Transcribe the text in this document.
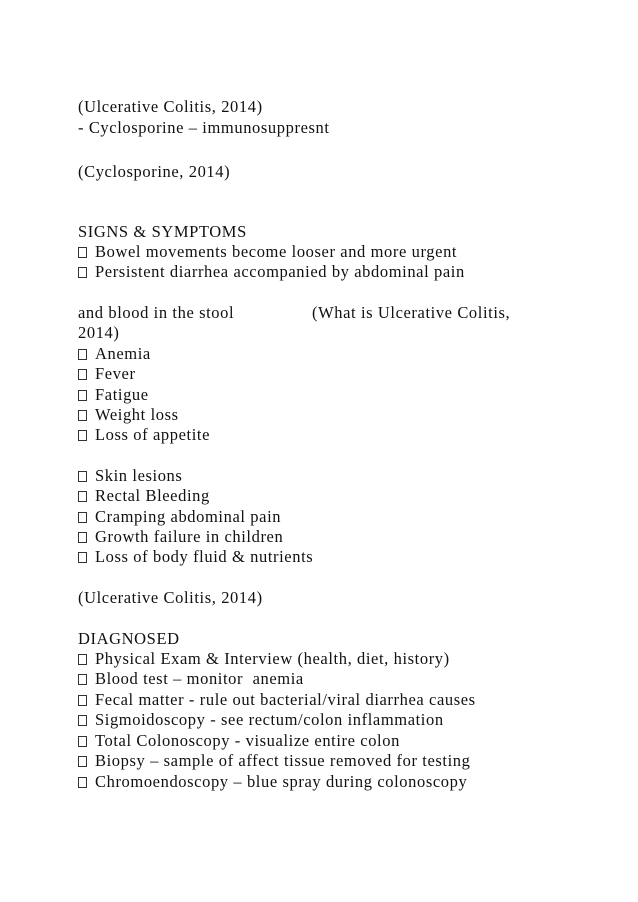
(Ulcerative Colitis, 2014)
- Cyclosporine – immunosuppresnt
(Cyclosporine, 2014)
SIGNS & SYMPTOMS
Bowel movements become looser and more urgent
Persistent diarrhea accompanied by abdominal pain
and blood in the stool	(What is Ulcerative Colitis,
2014)
Anemia
Fever
Fatigue
Weight loss
Loss of appetite
Skin lesions
Rectal Bleeding
Cramping abdominal pain
Growth failure in children
Loss of body fluid & nutrients
(Ulcerative Colitis, 2014)
DIAGNOSED
Physical Exam & Interview (health, diet, history)
Blood test – monitor  anemia
Fecal matter - rule out bacterial/viral diarrhea causes
Sigmoidoscopy - see rectum/colon inflammation
Total Colonoscopy - visualize entire colon
Biopsy – sample of affect tissue removed for testing
Chromoendoscopy – blue spray during colonoscopy
